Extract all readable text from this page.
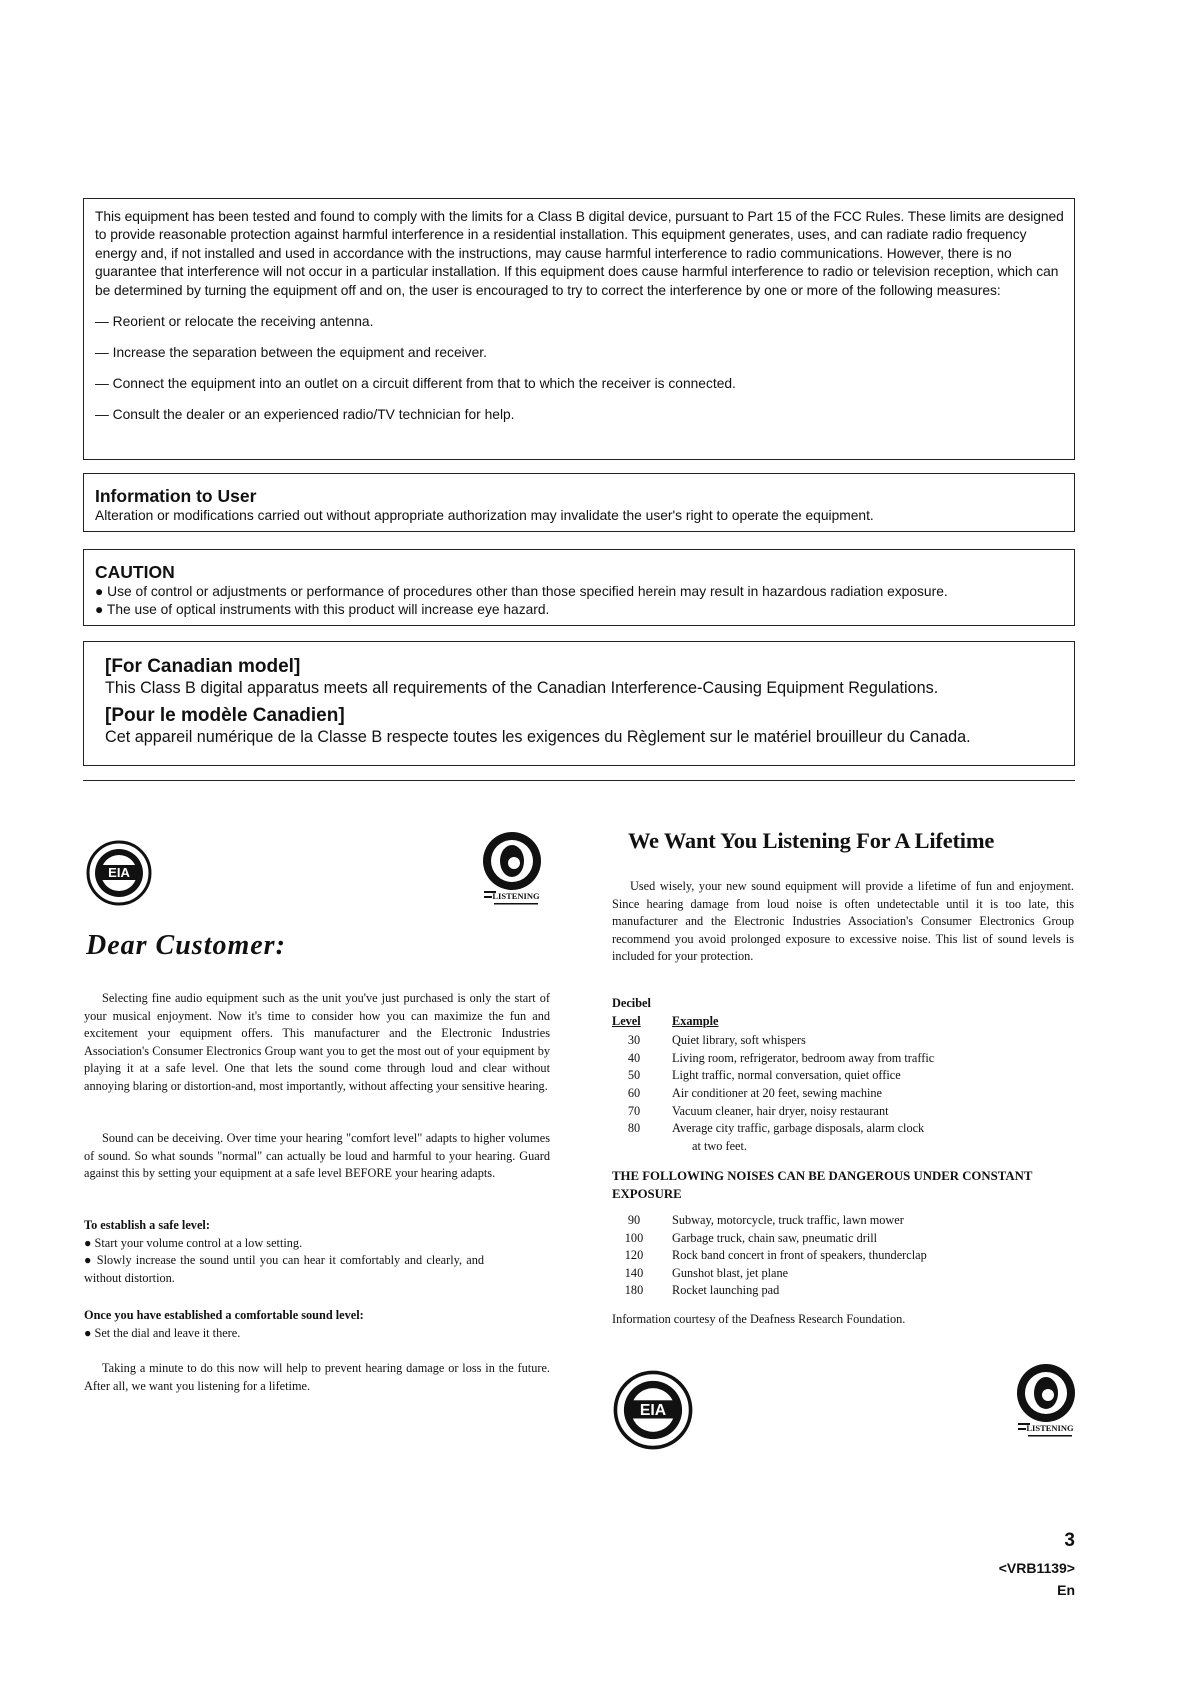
This equipment has been tested and found to comply with the limits for a Class B digital device, pursuant to Part 15 of the FCC Rules. These limits are designed to provide reasonable protection against harmful interference in a residential installation. This equipment generates, uses, and can radiate radio frequency energy and, if not installed and used in accordance with the instructions, may cause harmful interference to radio communications. However, there is no guarantee that interference will not occur in a particular installation. If this equipment does cause harmful interference to radio or television reception, which can be determined by turning the equipment off and on, the user is encouraged to try to correct the interference by one or more of the following measures:
— Reorient or relocate the receiving antenna.
— Increase the separation between the equipment and receiver.
— Connect the equipment into an outlet on a circuit different from that to which the receiver is connected.
— Consult the dealer or an experienced radio/TV technician for help.
Information to User
Alteration or modifications carried out without appropriate authorization may invalidate the user's right to operate the equipment.
CAUTION
● Use of control or adjustments or performance of procedures other than those specified herein may result in hazardous radiation exposure.
● The use of optical instruments with this product will increase eye hazard.
[For Canadian model]
This Class B digital apparatus meets all requirements of the Canadian Interference-Causing Equipment Regulations.
[Pour le modèle Canadien]
Cet appareil numérique de la Classe B respecte toutes les exigences du Règlement sur le matériel brouilleur du Canada.
EIA
LISTENING
Dear Customer:
Selecting fine audio equipment such as the unit you've just purchased is only the start of your musical enjoyment. Now it's time to consider how you can maximize the fun and excitement your equipment offers. This manufacturer and the Electronic Industries Association's Consumer Electronics Group want you to get the most out of your equipment by playing it at a safe level. One that lets the sound come through loud and clear without annoying blaring or distortion-and, most importantly, without affecting your sensitive hearing.
Sound can be deceiving. Over time your hearing "comfort level" adapts to higher volumes of sound. So what sounds "normal" can actually be loud and harmful to your hearing. Guard against this by setting your equipment at a safe level BEFORE your hearing adapts.
To establish a safe level:
● Start your volume control at a low setting.
● Slowly increase the sound until you can hear it comfortably and clearly, and without distortion.
Once you have established a comfortable sound level:
● Set the dial and leave it there.
Taking a minute to do this now will help to prevent hearing damage or loss in the future. After all, we want you listening for a lifetime.
We Want You Listening For A Lifetime
Used wisely, your new sound equipment will provide a lifetime of fun and enjoyment. Since hearing damage from loud noise is often undetectable until it is too late, this manufacturer and the Electronic Industries Association's Consumer Electronics Group recommend you avoid prolonged exposure to excessive noise. This list of sound levels is included for your protection.
Decibel
Level	Example
30	Quiet library, soft whispers
40	Living room, refrigerator, bedroom away from traffic
50	Light traffic, normal conversation, quiet office
60	Air conditioner at 20 feet, sewing machine
70	Vacuum cleaner, hair dryer, noisy restaurant
80	Average city traffic, garbage disposals, alarm clock
at two feet.
THE FOLLOWING NOISES CAN BE DANGEROUS UNDER CONSTANT EXPOSURE
90	Subway, motorcycle, truck traffic, lawn mower
100	Garbage truck, chain saw, pneumatic drill
120	Rock band concert in front of speakers, thunderclap
140	Gunshot blast, jet plane
180	Rocket launching pad
Information courtesy of the Deafness Research Foundation.
EIA
LISTENING
3
<VRB1139>
En
